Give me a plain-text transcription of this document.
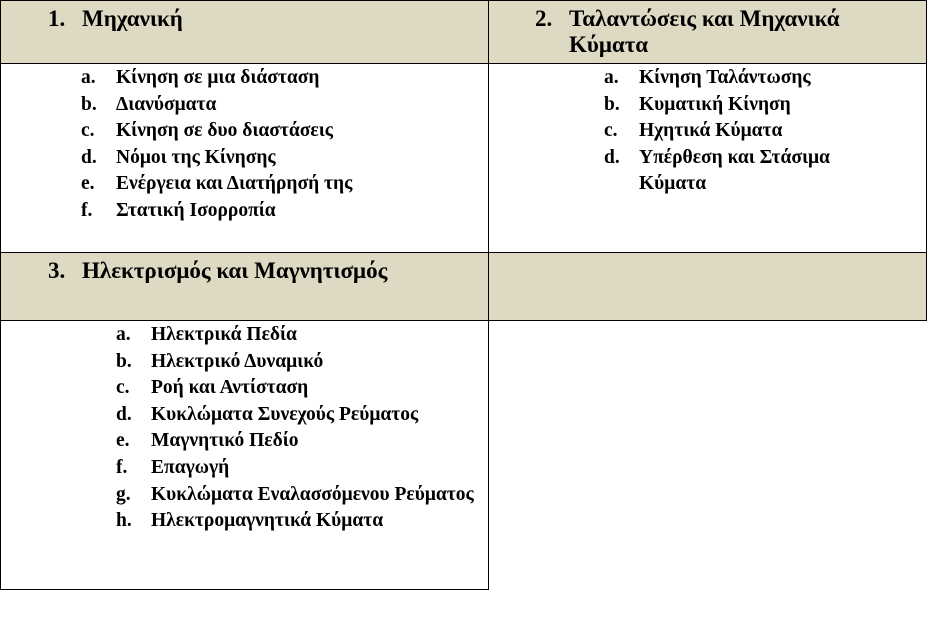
1. Μηχανική	2. Ταλαντώσεις και Μηχανικά Κύματα
a. Κίνηση σε μια διάσταση
b. Διανύσματα
c. Κίνηση σε δυο διαστάσεις
d. Νόμοι της Κίνησης
e. Ενέργεια και Διατήρησή της
f. Στατική Ισορροπία
a. Κίνηση Ταλάντωσης
b. Κυματική Κίνηση
c. Ηχητικά Κύματα
d. Υπέρθεση και Στάσιμα Κύματα
3. Ηλεκτρισμός και Μαγνητισμός
a. Ηλεκτρικά Πεδία
b. Ηλεκτρικό Δυναμικό
c. Ροή και Αντίσταση
d. Κυκλώματα Συνεχούς Ρεύματος
e. Μαγνητικό Πεδίο
f. Επαγωγή
g. Κυκλώματα Εναλασσόμενου Ρεύματος
h. Ηλεκτρομαγνητικά Κύματα
